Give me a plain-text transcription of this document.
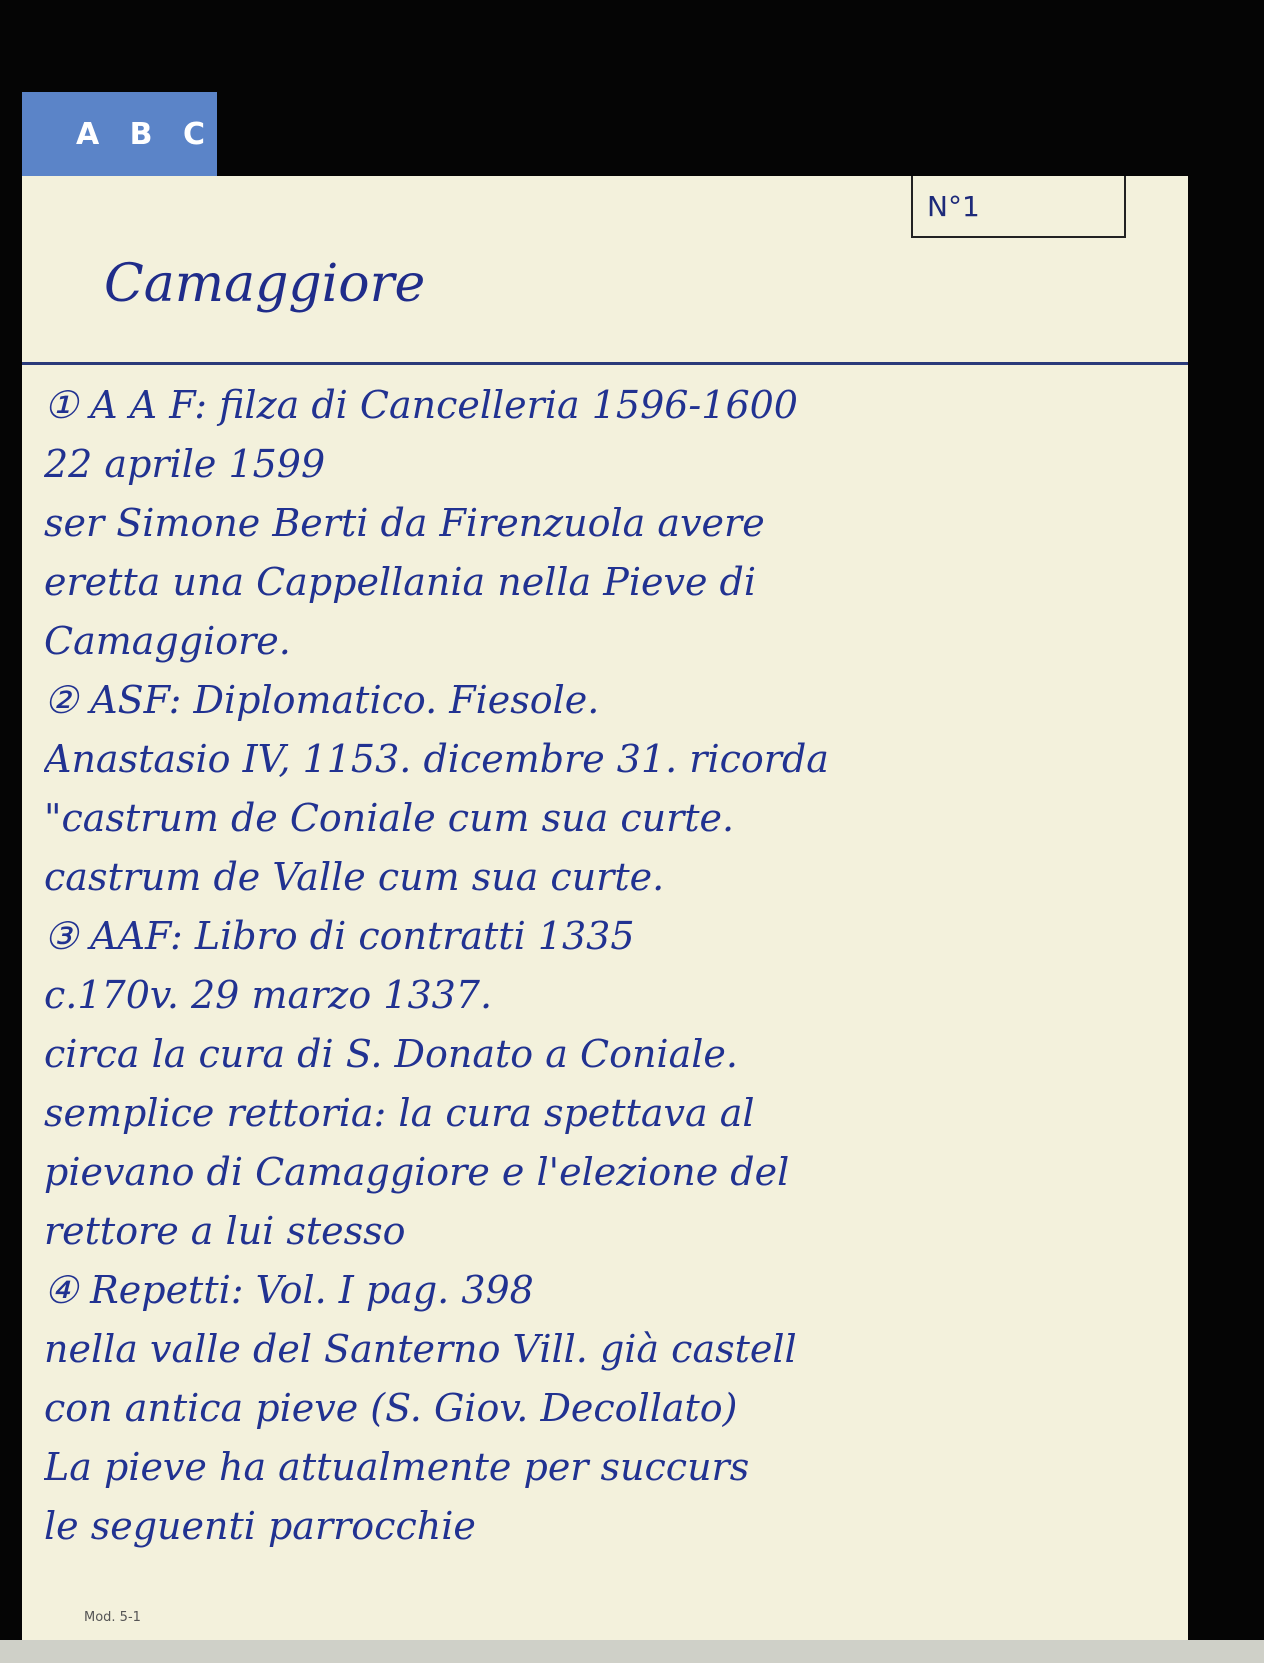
A B C
N°1
Camaggiore
① A A F: filza di Cancelleria 1596-1600
22 aprile 1599
ser Simone Berti da Firenzuola avere
eretta una Cappellania nella Pieve di
Camaggiore.
② ASF: Diplomatico. Fiesole.
Anastasio IV, 1153. dicembre 31. ricorda
"castrum de Coniale cum sua curte.
castrum de Valle cum sua curte.
③ AAF: Libro di contratti 1335
c.170v. 29 marzo 1337.
circa la cura di S. Donato a Coniale.
semplice rettoria: la cura spettava al
pievano di Camaggiore e l'elezione del
rettore a lui stesso
④ Repetti: Vol. I pag. 398
nella valle del Santerno Vill. già castell
con antica pieve (S. Giov. Decollato)
La pieve ha attualmente per succurs
le seguenti parrocchie
Mod. 5-1
